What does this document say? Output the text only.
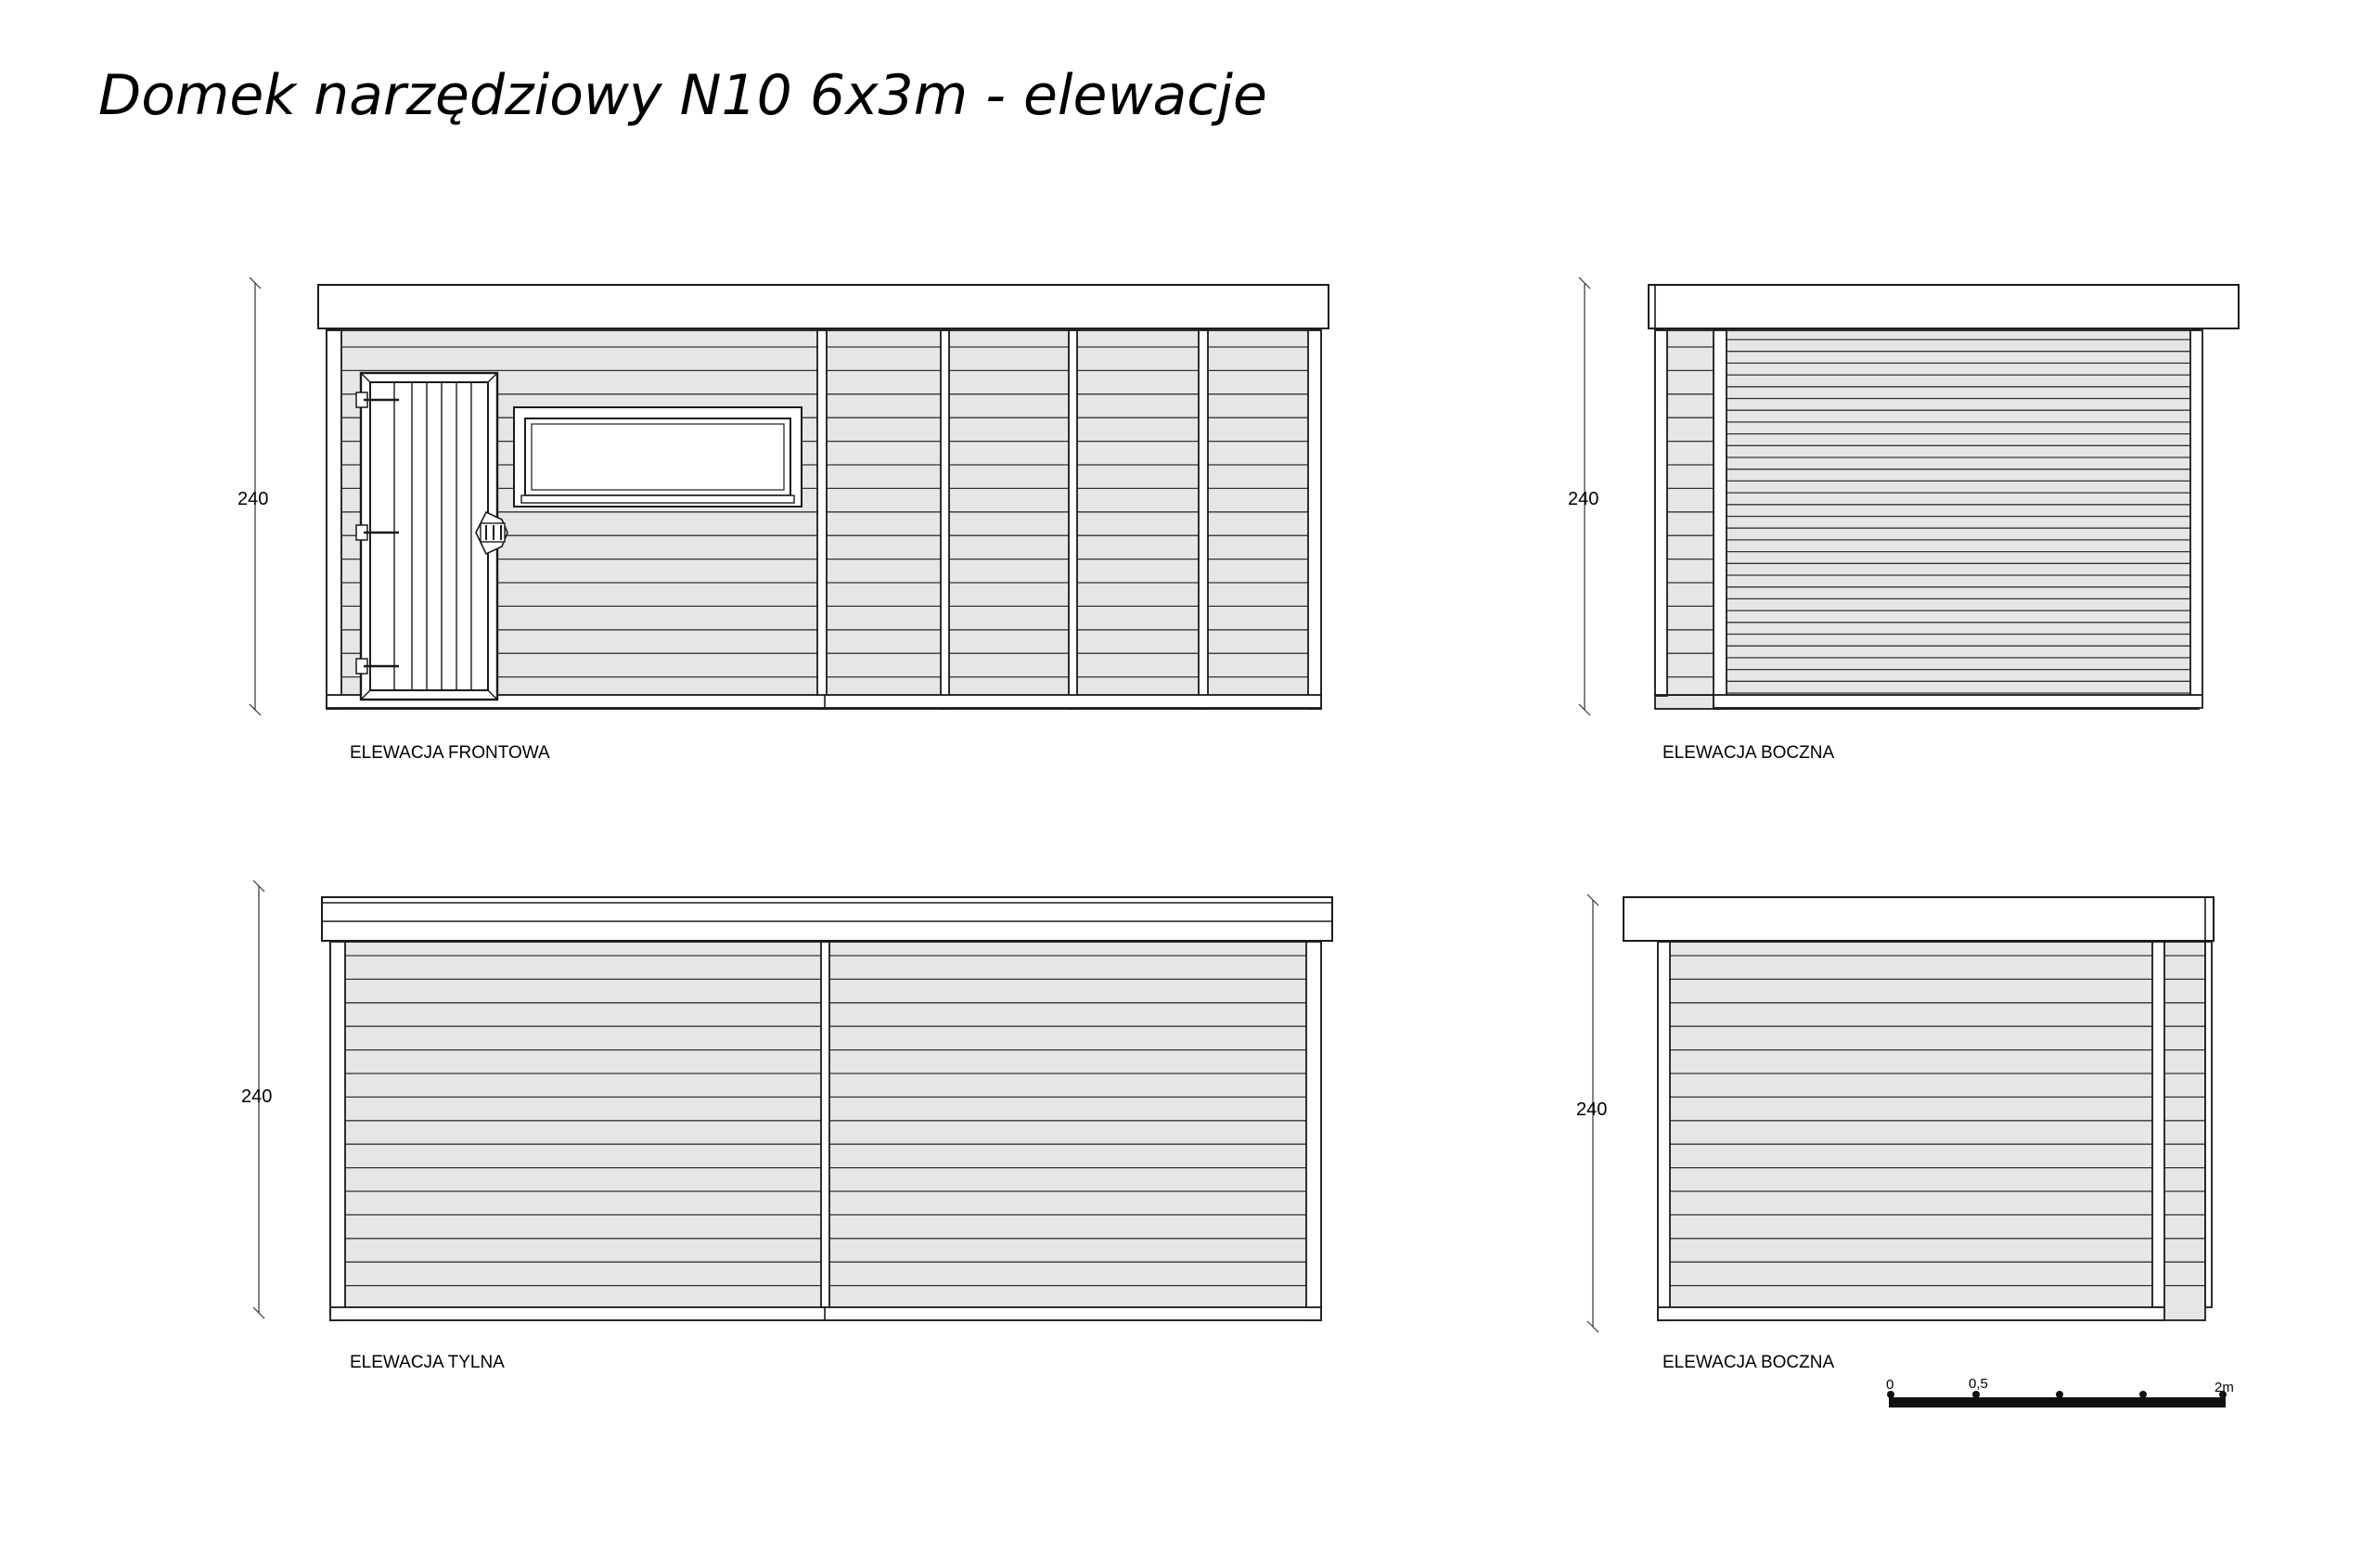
Domek narzędziowy N10 6x3m - elewacje
240
ELEWACJA FRONTOWA
240
ELEWACJA BOCZNA
240
ELEWACJA TYLNA
240
ELEWACJA BOCZNA
0	0,5	2m
